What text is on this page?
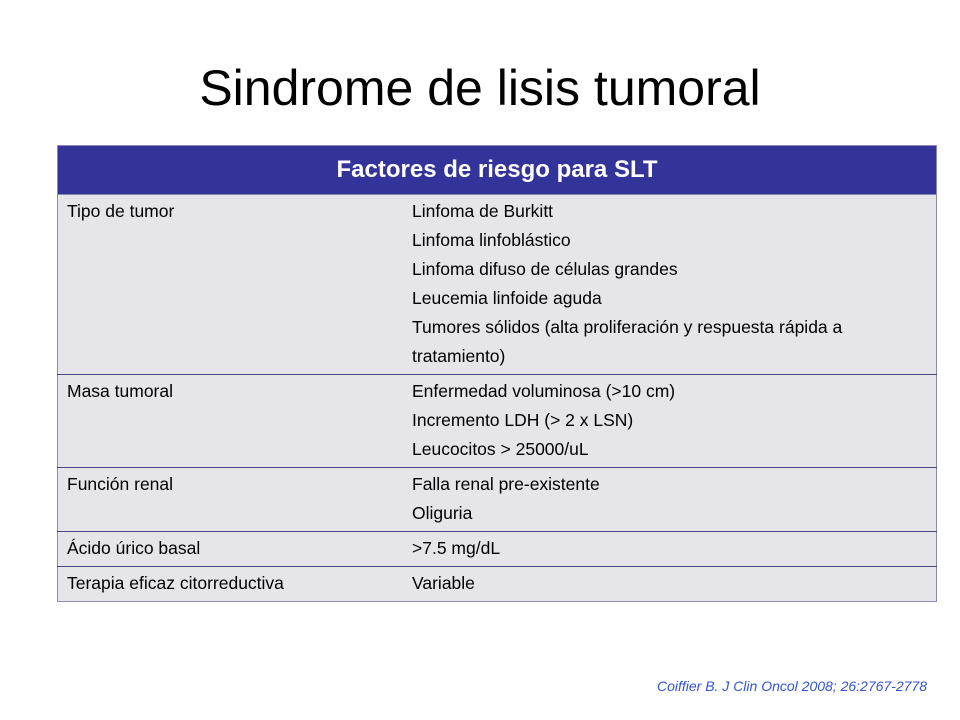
Sindrome de lisis tumoral
Factores de riesgo para SLT	
Tipo de tumor	Linfoma de Burkitt
Linfoma linfoblástico
Linfoma difuso de células grandes
Leucemia linfoide aguda
Tumores sólidos (alta proliferación y respuesta rápida a tratamiento)

Masa tumoral	Enfermedad voluminosa (>10 cm)
Incremento LDH (> 2 x LSN)
Leucocitos > 25000/uL

Función renal	Falla renal pre-existente
Oliguria

Ácido úrico basal	>7.5 mg/dL

Terapia eficaz citorreductiva	Variable
Coiffier B. J Clin Oncol 2008; 26:2767-2778
